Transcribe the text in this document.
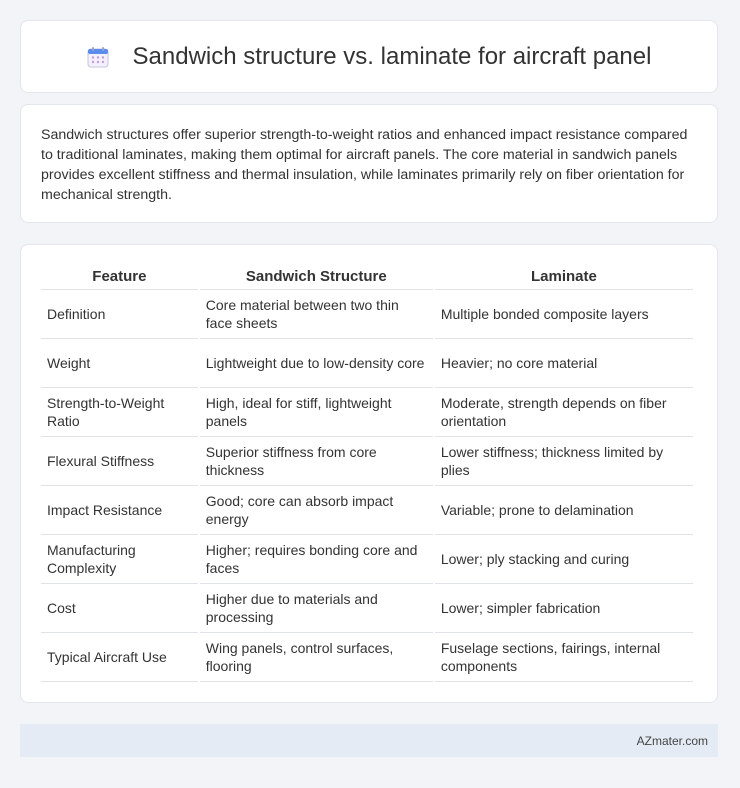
Sandwich structure vs. laminate for aircraft panel

Sandwich structures offer superior strength-to-weight ratios and enhanced impact resistance compared to traditional laminates, making them optimal for aircraft panels. The core material in sandwich panels provides excellent stiffness and thermal insulation, while laminates primarily rely on fiber orientation for mechanical strength.

Feature	Sandwich Structure	Laminate
Definition	Core material between two thin face sheets	Multiple bonded composite layers
Weight	Lightweight due to low-density core	Heavier; no core material
Strength-to-Weight Ratio	High, ideal for stiff, lightweight panels	Moderate, strength depends on fiber orientation
Flexural Stiffness	Superior stiffness from core thickness	Lower stiffness; thickness limited by plies
Impact Resistance	Good; core can absorb impact energy	Variable; prone to delamination
Manufacturing Complexity	Higher; requires bonding core and faces	Lower; ply stacking and curing
Cost	Higher due to materials and processing	Lower; simpler fabrication
Typical Aircraft Use	Wing panels, control surfaces, flooring	Fuselage sections, fairings, internal components
AZmater.com
